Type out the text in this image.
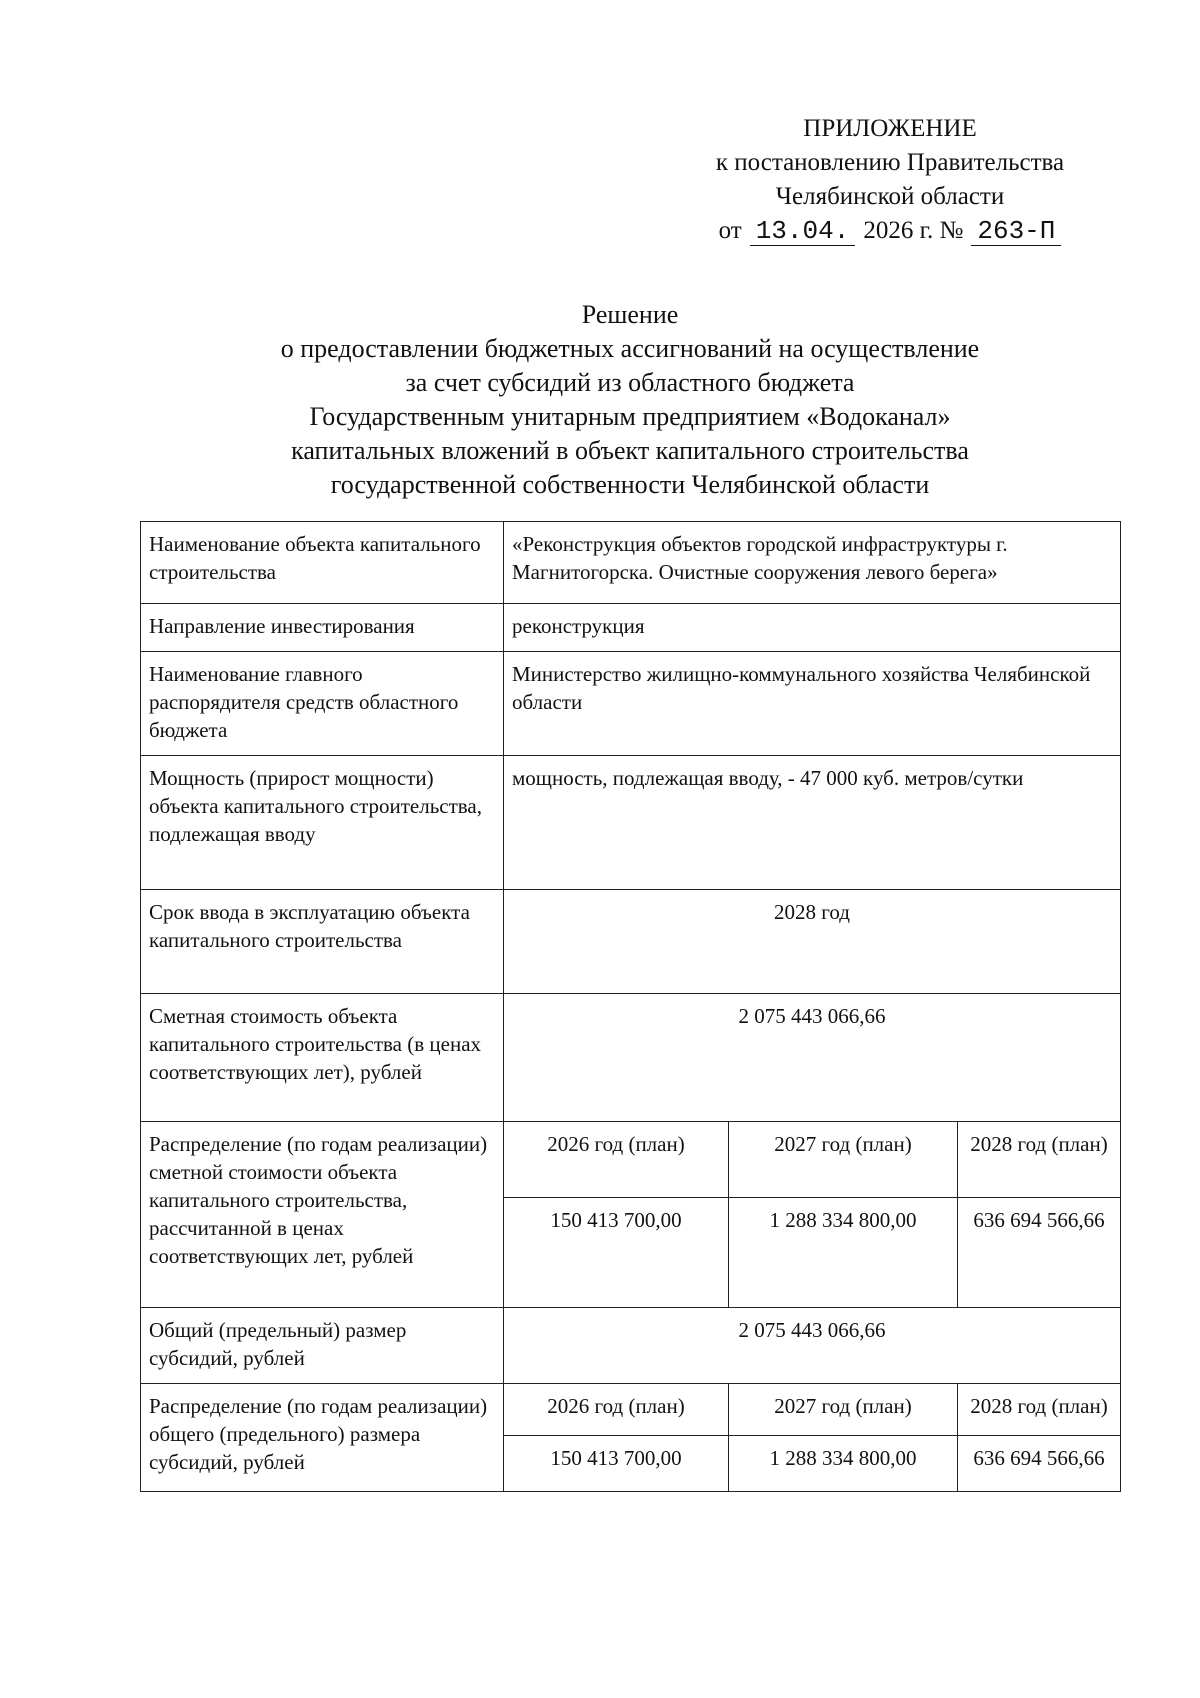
ПРИЛОЖЕНИЕ
к постановлению Правительства
Челябинской области
от 13.04. 2026 г. № 263-П
Решение
о предоставлении бюджетных ассигнований на осуществление
за счет субсидий из областного бюджета
Государственным унитарным предприятием «Водоканал»
капитальных вложений в объект капитального строительства
государственной собственности Челябинской области
Наименование объекта капитального строительства	«Реконструкция объектов городской инфраструктуры г. Магнитогорска. Очистные сооружения левого берега»		
Направление инвестирования	реконструкция		
Наименование главного распорядителя средств областного бюджета	Министерство жилищно-коммунального хозяйства Челябинской области		
Мощность (прирост мощности) объекта капитального строительства, подлежащая вводу	мощность, подлежащая вводу, - 47 000 куб. метров/сутки		
Срок ввода в эксплуатацию объекта капитального строительства	2028 год		
Сметная стоимость объекта капитального строительства (в ценах соответствующих лет), рублей	2 075 443 066,66		
Распределение (по годам реализации) сметной стоимости объекта капитального строительства, рассчитанной в ценах соответствующих лет, рублей	2026 год (план)	2027 год (план)	2028 год (план)
	150 413 700,00	1 288 334 800,00	636 694 566,66
Общий (предельный) размер субсидий, рублей	2 075 443 066,66		
Распределение (по годам реализации) общего (предельного) размера субсидий, рублей	2026 год (план)	2027 год (план)	2028 год (план)
	150 413 700,00	1 288 334 800,00	636 694 566,66
